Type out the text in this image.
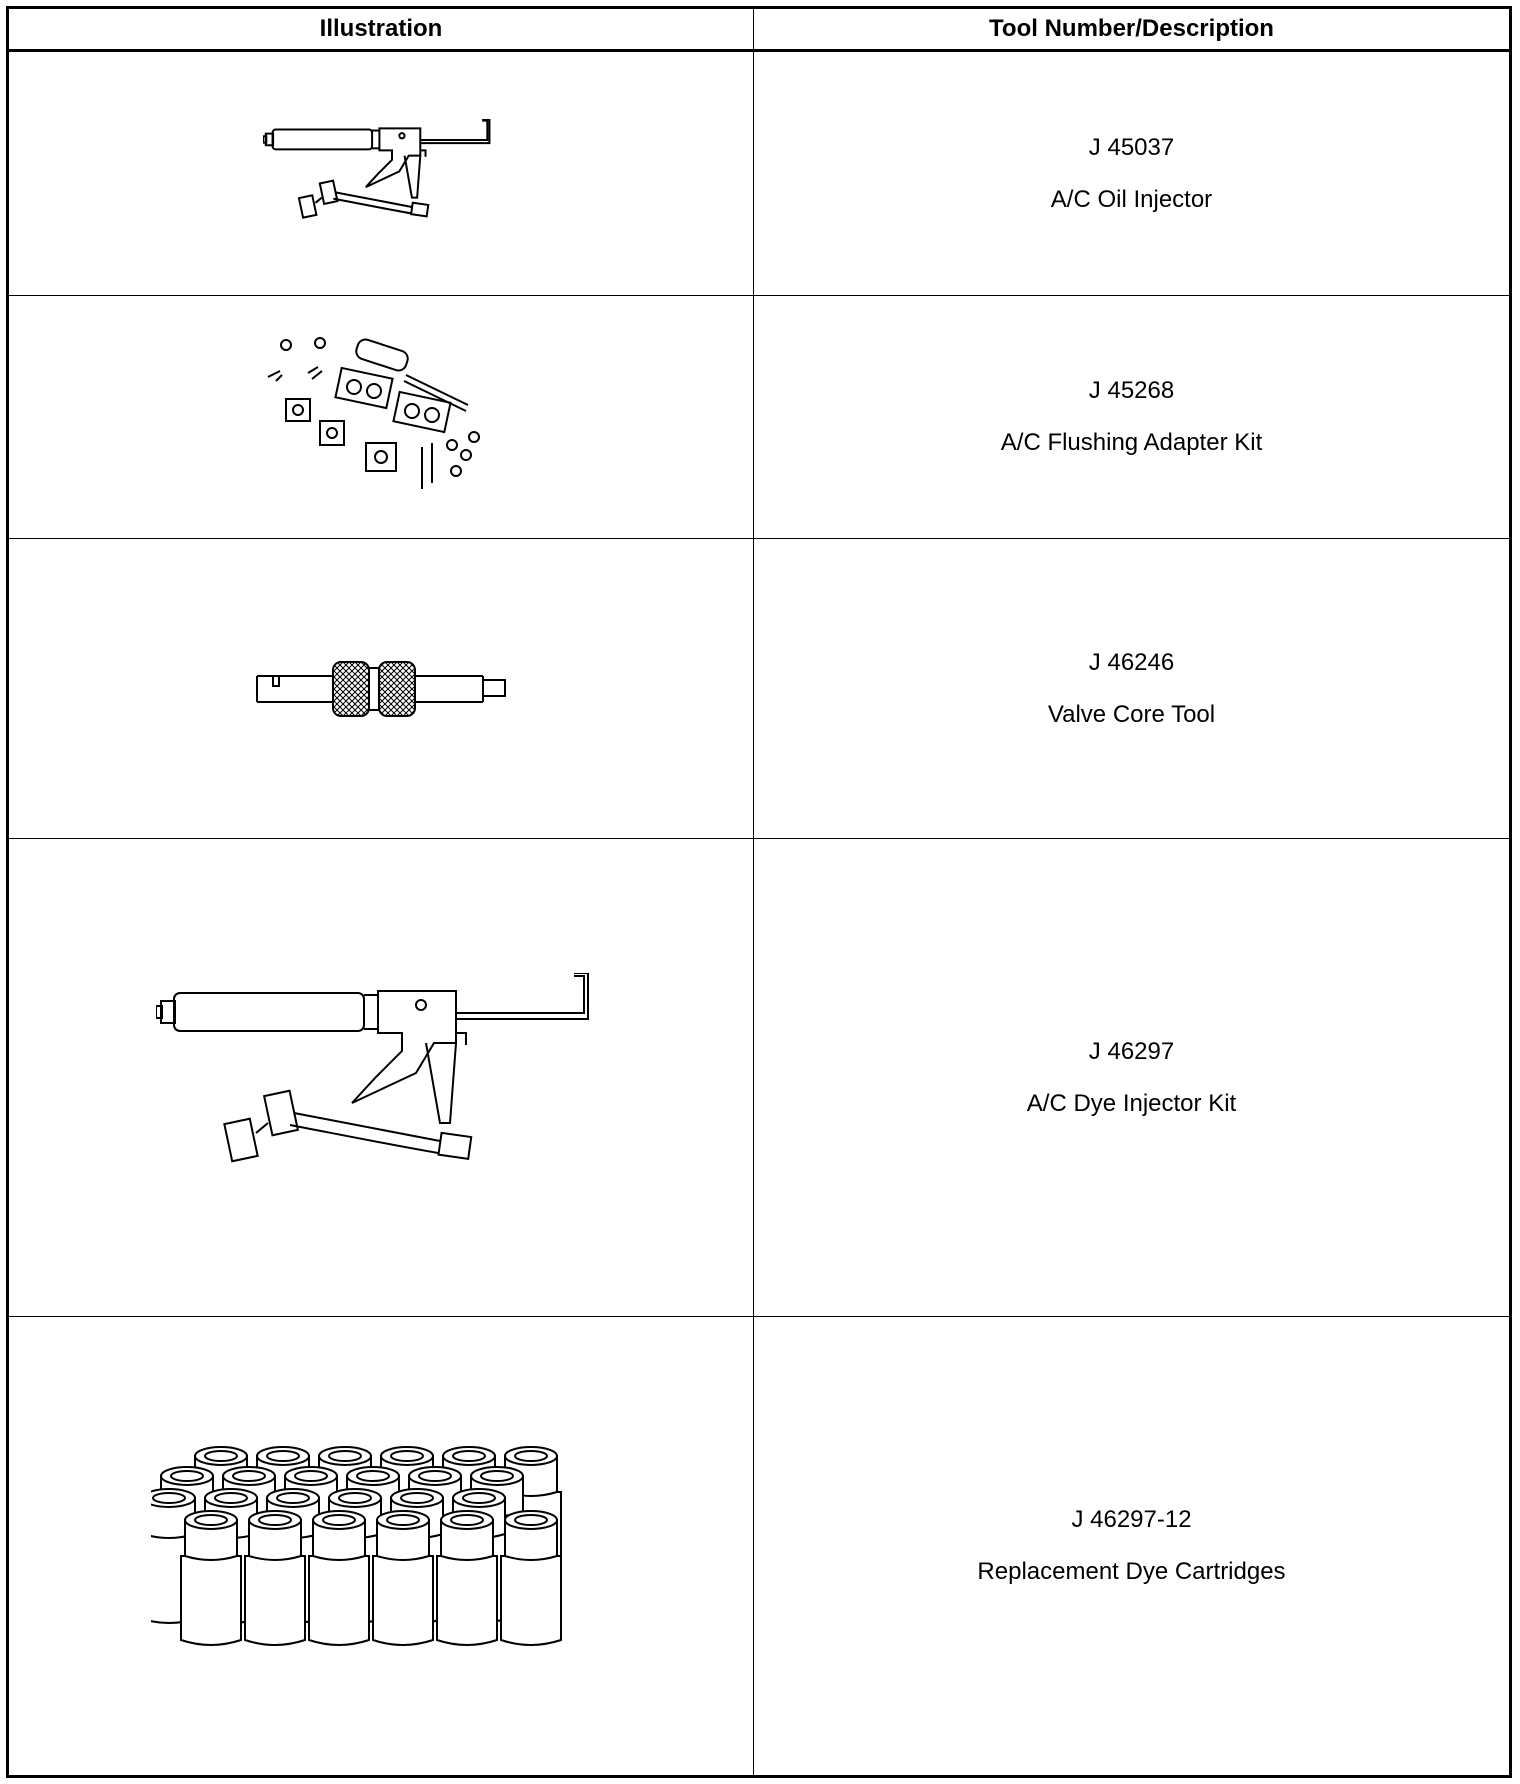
Illustration	Tool Number/Description
J 45037
A/C Oil Injector
J 45268
A/C Flushing Adapter Kit
J 46246
Valve Core Tool
J 46297
A/C Dye Injector Kit
J 46297-12
Replacement Dye Cartridges
